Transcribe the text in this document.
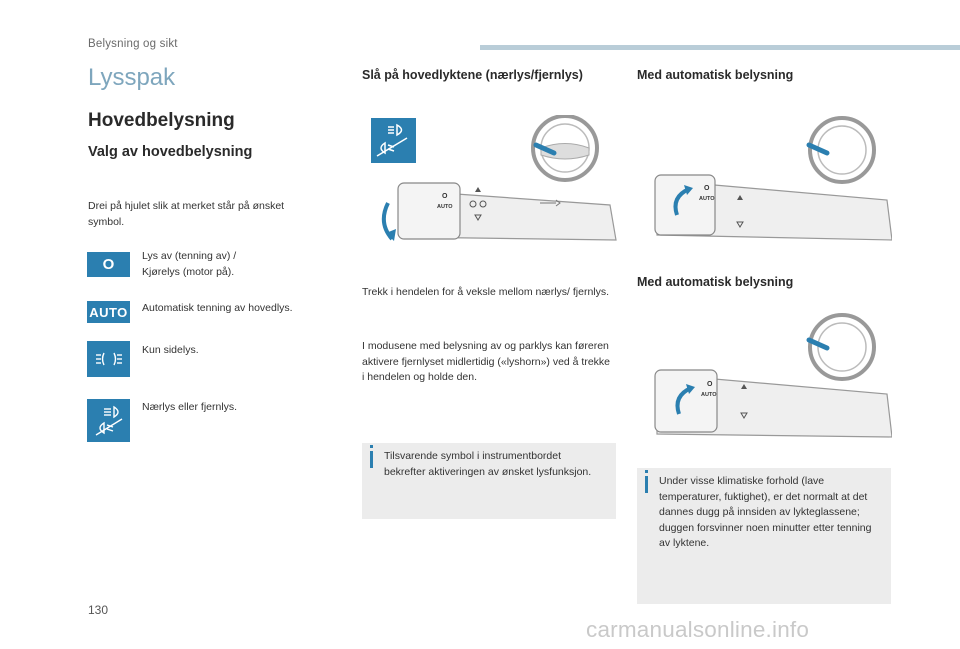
Belysning og sikt
Lysspak
Hovedbelysning
Valg av hovedbelysning
Drei på hjulet slik at merket står på ønsket symbol.
O	Lys av (tenning av) /
Kjørelys (motor på).
AUTO Automatisk tenning av hovedlys.
Kun sidelys.
Nærlys eller fjernlys.
Slå på hovedlyktene (nærlys/fjernlys)
O
AUTO
Trekk i hendelen for å veksle mellom nærlys/ fjernlys.
I modusene med belysning av og parklys kan føreren aktivere fjernlyset midlertidig («lyshorn») ved å trekke i hendelen og holde den.
Tilsvarende symbol i instrumentbordet bekrefter aktiveringen av ønsket lysfunksjon.
Med automatisk belysning
O
AUTO
Med automatisk belysning
O
AUTO
Under visse klimatiske forhold (lave temperaturer, fuktighet), er det normalt at det dannes dugg på innsiden av lykteglassene; duggen forsvinner noen minutter etter tenning av lyktene.
130
carmanualsonline.info
